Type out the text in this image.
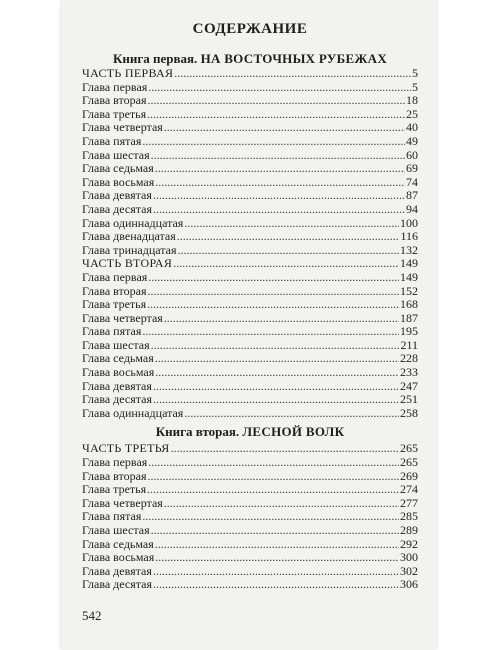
СОДЕРЖАНИЕ
Книга первая. НА ВОСТОЧНЫХ РУБЕЖАХ
ЧАСТЬ ПЕРВАЯ .....	5
Глава первая .....	5
Глава вторая .....	18
Глава третья .....	25
Глава четвертая .....	40
Глава пятая .....	49
Глава шестая .....	60
Глава седьмая .....	69
Глава восьмая .....	74
Глава девятая .....	87
Глава десятая .....	94
Глава одиннадцатая .....	100
Глава двенадцатая .....	116
Глава тринадцатая .....	132
ЧАСТЬ ВТОРАЯ .....	149
Глава первая .....	149
Глава вторая .....	152
Глава третья .....	168
Глава четвертая .....	187
Глава пятая .....	195
Глава шестая .....	211
Глава седьмая .....	228
Глава восьмая .....	233
Глава девятая .....	247
Глава десятая .....	251
Глава одиннадцатая .....	258
Книга вторая. ЛЕСНОЙ ВОЛК
ЧАСТЬ ТРЕТЬЯ .....	265
Глава первая .....	265
Глава вторая .....	269
Глава третья .....	274
Глава четвертая .....	277
Глава пятая .....	285
Глава шестая .....	289
Глава седьмая .....	292
Глава восьмая .....	300
Глава девятая .....	302
Глава десятая .....	306
542
